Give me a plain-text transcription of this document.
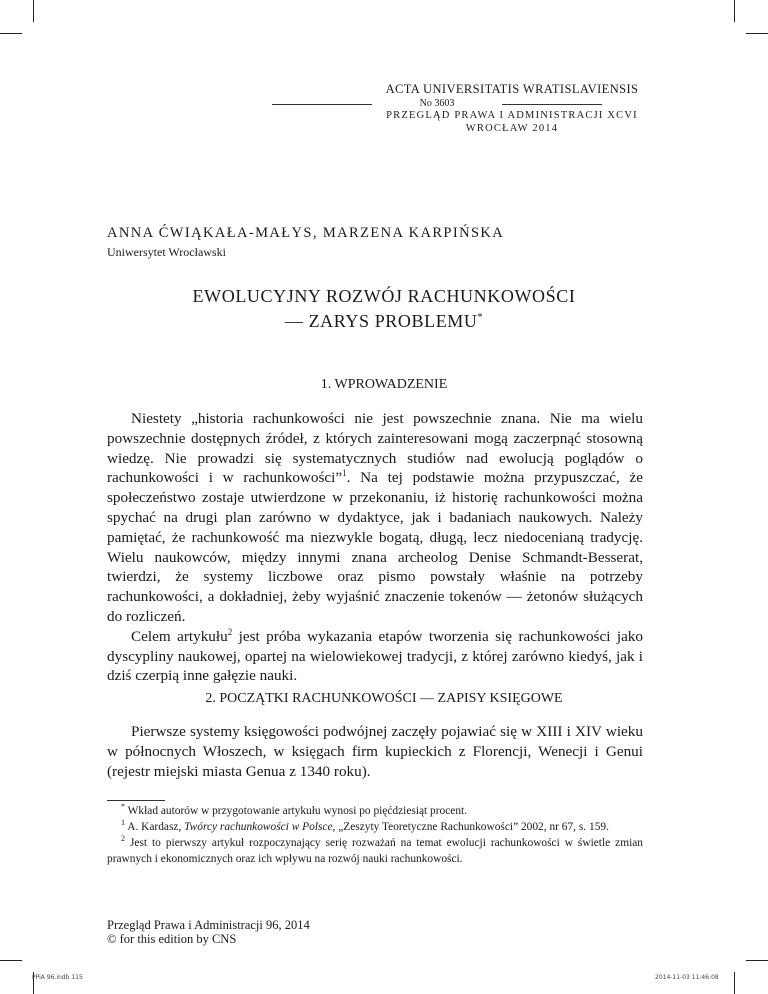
ACTA UNIVERSITATIS WRATISLAVIENSIS
No 3603
PRZEGLĄD PRAWA I ADMINISTRACJI XCVI
WROCŁAW 2014
ANNA ĆWIĄKAŁA-MAŁYS, MARZENA KARPIŃSKA
Uniwersytet Wrocławski
EWOLUCYJNY ROZWÓJ RACHUNKOWOŚCI
— ZARYS PROBLEMU*
1. WPROWADZENIE

Niestety „historia rachunkowości nie jest powszechnie znana. Nie ma wielu powszechnie dostępnych źródeł, z których zainteresowani mogą zaczerpnąć stosowną wiedzę. Nie prowadzi się systematycznych studiów nad ewolucją poglądów o rachunkowości i w rachunkowości”$^1$. Na tej podstawie można przypuszczać, że społeczeństwo zostaje utwierdzone w przekonaniu, iż historię rachunkowości można spychać na drugi plan zarówno w dydaktyce, jak i badaniach naukowych. Należy pamiętać, że rachunkowość ma niezwykle bogatą, długą, lecz niedocenianą tradycję. Wielu naukowców, między innymi znana archeolog Denise Schmandt-Besserat, twierdzi, że systemy liczbowe oraz pismo powstały właśnie na potrzeby rachunkowości, a dokładniej, żeby wyjaśnić znaczenie tokenów — żetonów służących do rozliczeń.

Celem artykułu$^2$ jest próba wykazania etapów tworzenia się rachunkowości jako dyscypliny naukowej, opartej na wielowiekowej tradycji, z której zarówno kiedyś, jak i dziś czerpią inne gałęzie nauki.

2. POCZĄTKI RACHUNKOWOŚCI — ZAPISY KSIĘGOWE

Pierwsze systemy księgowości podwójnej zaczęły pojawiać się w XIII i XIV wieku w północnych Włoszech, w księgach firm kupieckich z Florencji, Wenecji i Genui (rejestr miejski miasta Genua z 1340 roku).

* Wkład autorów w przygotowanie artykułu wynosi po pięćdziesiąt procent.

$^1$ A. Kardasz, Twórcy rachunkowości w Polsce, „Zeszyty Teoretyczne Rachunkowości” 2002, nr 67, s. 159.

$^2$ Jest to pierwszy artykuł rozpoczynający serię rozważań na temat ewolucji rachunkowości w świetle zmian prawnych i ekonomicznych oraz ich wpływu na rozwój nauki rachunkowości.

Przegląd Prawa i Administracji 96, 2014
© for this edition by CNS
PPiA 96.indb 115	2014-11-03 11:46:08
